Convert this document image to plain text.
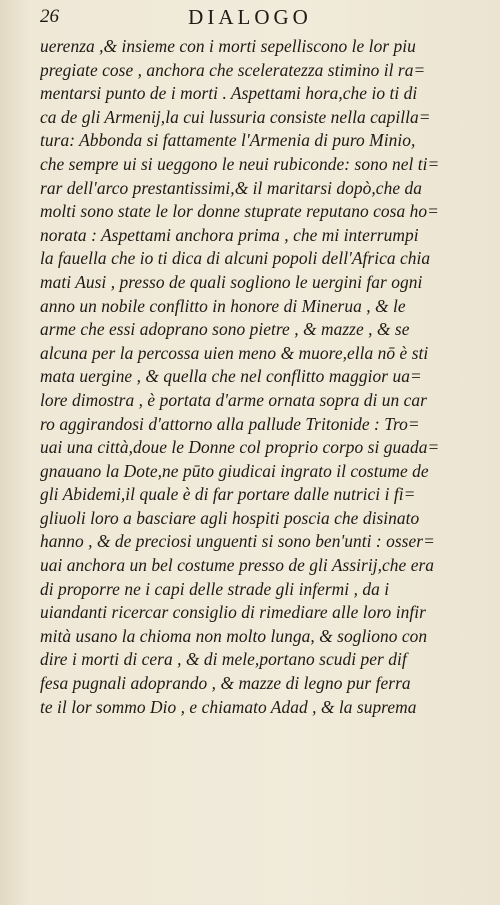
26	DIALOGO
uerenza ,& insieme con i morti sepelliscono le lor piu
pregiate cose , anchora che sceleratezza stimino il ra=
mentarsi punto de i morti . Aspettami hora,che io ti di
ca de gli Armenij,la cui lussuria consiste nella capilla=
tura: Abbonda si fattamente l'Armenia di puro Minio,
che sempre ui si ueggono le neui rubiconde: sono nel ti=
rar dell'arco prestantissimi,& il maritarsi dopò,che da
molti sono state le lor donne stuprate reputano cosa ho=
norata : Aspettami anchora prima , che mi interrumpi
la fauella che io ti dica di alcuni popoli dell'Africa chia
mati Ausi , presso de quali sogliono le uergini far ogni
anno un nobile conflitto in honore di Minerua , & le
arme che essi adoprano sono pietre , & mazze , & se
alcuna per la percossa uien meno & muore,ella nō è sti
mata uergine , & quella che nel conflitto maggior ua=
lore dimostra , è portata d'arme ornata sopra di un car
ro aggirandosi d'attorno alla pallude Tritonide : Tro=
uai una città,doue le Donne col proprio corpo si guada=
gnauano la Dote,ne pūto giudicai ingrato il costume de
gli Abidemi,il quale è di far portare dalle nutrici i fi=
gliuoli loro a basciare agli hospiti poscia che disinato
hanno , & de preciosi unguenti si sono ben'unti : osser=
uai anchora un bel costume presso de gli Assirij,che era
di proporre ne i capi delle strade gli infermi , da i
uiandanti ricercar consiglio di rimediare alle loro infir
mità usano la chioma non molto lunga, & sogliono con
dire i morti di cera , & di mele,portano scudi per dif
fesa pugnali adoprando , & mazze di legno pur ferra
te il lor sommo Dio , e chiamato Adad , & la suprema
